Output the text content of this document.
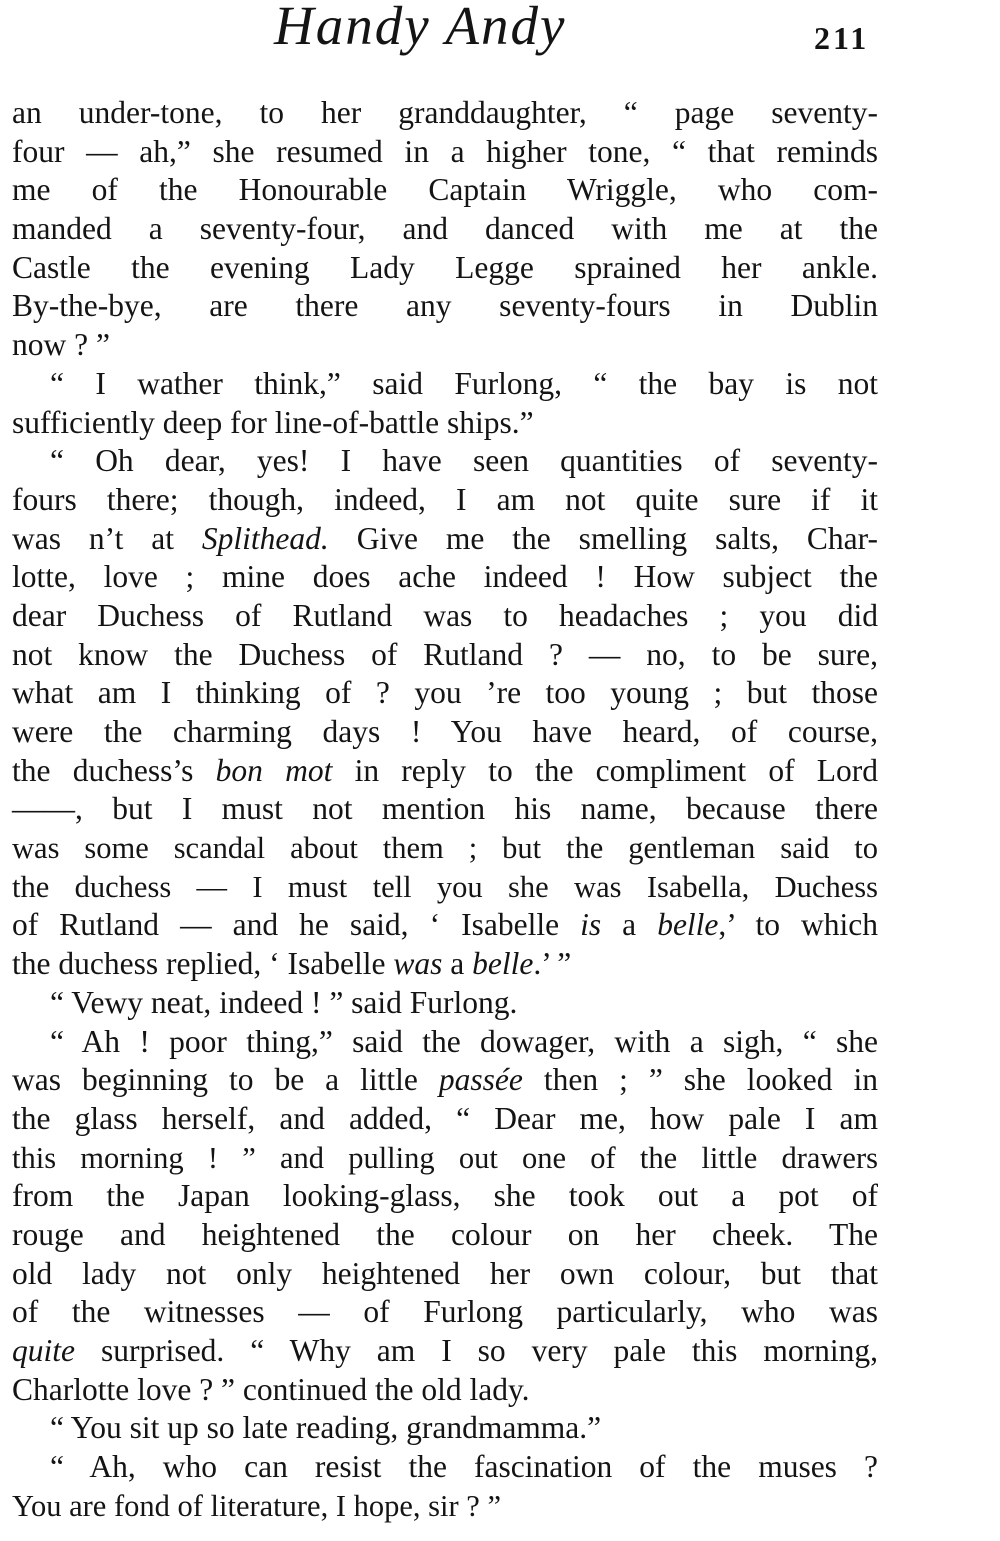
Handy Andy	211
an under-tone, to her granddaughter, “ page seventy-
four — ah,” she resumed in a higher tone, “ that reminds
me of the Honourable Captain Wriggle, who com-
manded a seventy-four, and danced with me at the
Castle the evening Lady Legge sprained her ankle.
By-the-bye, are there any seventy-fours in Dublin
now ? ”
“ I wather think,” said Furlong, “ the bay is not
sufficiently deep for line-of-battle ships.”
“ Oh dear, yes! I have seen quantities of seventy-
fours there; though, indeed, I am not quite sure if it
was n’t at Splithead. Give me the smelling salts, Char-
lotte, love ; mine does ache indeed ! How subject the
dear Duchess of Rutland was to headaches ; you did
not know the Duchess of Rutland ? — no, to be sure,
what am I thinking of ? you ’re too young ; but those
were the charming days ! You have heard, of course,
the duchess’s bon mot in reply to the compliment of Lord
——, but I must not mention his name, because there
was some scandal about them ; but the gentleman said to
the duchess — I must tell you she was Isabella, Duchess
of Rutland — and he said, ‘ Isabelle is a belle,’ to which
the duchess replied, ‘ Isabelle was a belle.’ ”
“ Vewy neat, indeed ! ” said Furlong.
“ Ah ! poor thing,” said the dowager, with a sigh, “ she
was beginning to be a little passée then ; ” she looked in
the glass herself, and added, “ Dear me, how pale I am
this morning ! ” and pulling out one of the little drawers
from the Japan looking-glass, she took out a pot of
rouge and heightened the colour on her cheek. The
old lady not only heightened her own colour, but that
of the witnesses — of Furlong particularly, who was
quite surprised. “ Why am I so very pale this morning,
Charlotte love ? ” continued the old lady.
“ You sit up so late reading, grandmamma.”
“ Ah, who can resist the fascination of the muses ?
You are fond of literature, I hope, sir ? ”
